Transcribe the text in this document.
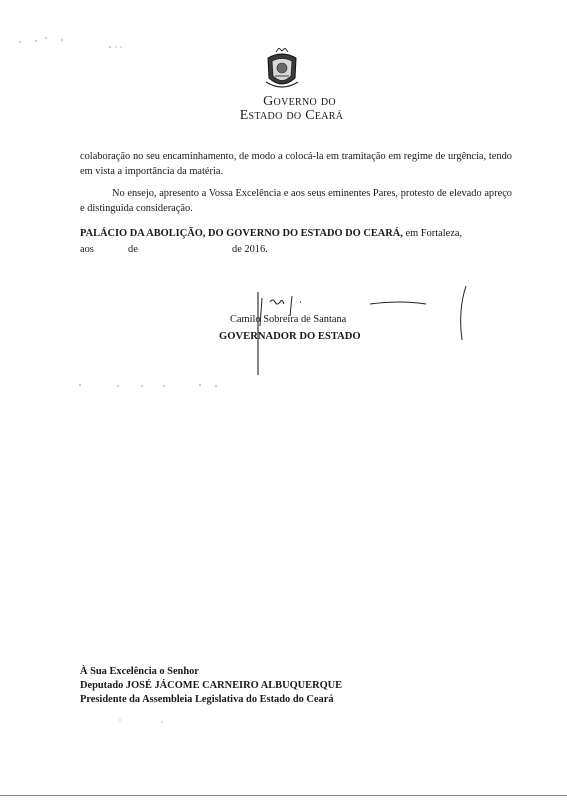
Governo do
Estado do Ceará
colaboração no seu encaminhamento, de modo a colocá-la em tramitação em regime de urgência, tendo em vista a importância da matéria.
No ensejo, apresento a Vossa Excelência e aos seus eminentes Pares, protesto de elevado apreço e distinguida consideração.
PALÁCIO DA ABOLIÇÃO, DO GOVERNO DO ESTADO DO CEARÁ, em Fortaleza,
aos	de	de 2016.
Camilo Sobreira de Santana
GOVERNADOR DO ESTADO
À Sua Excelência o Senhor
Deputado JOSÉ JÁCOME CARNEIRO ALBUQUERQUE
Presidente da Assembleia Legislativa do Estado do Ceará
